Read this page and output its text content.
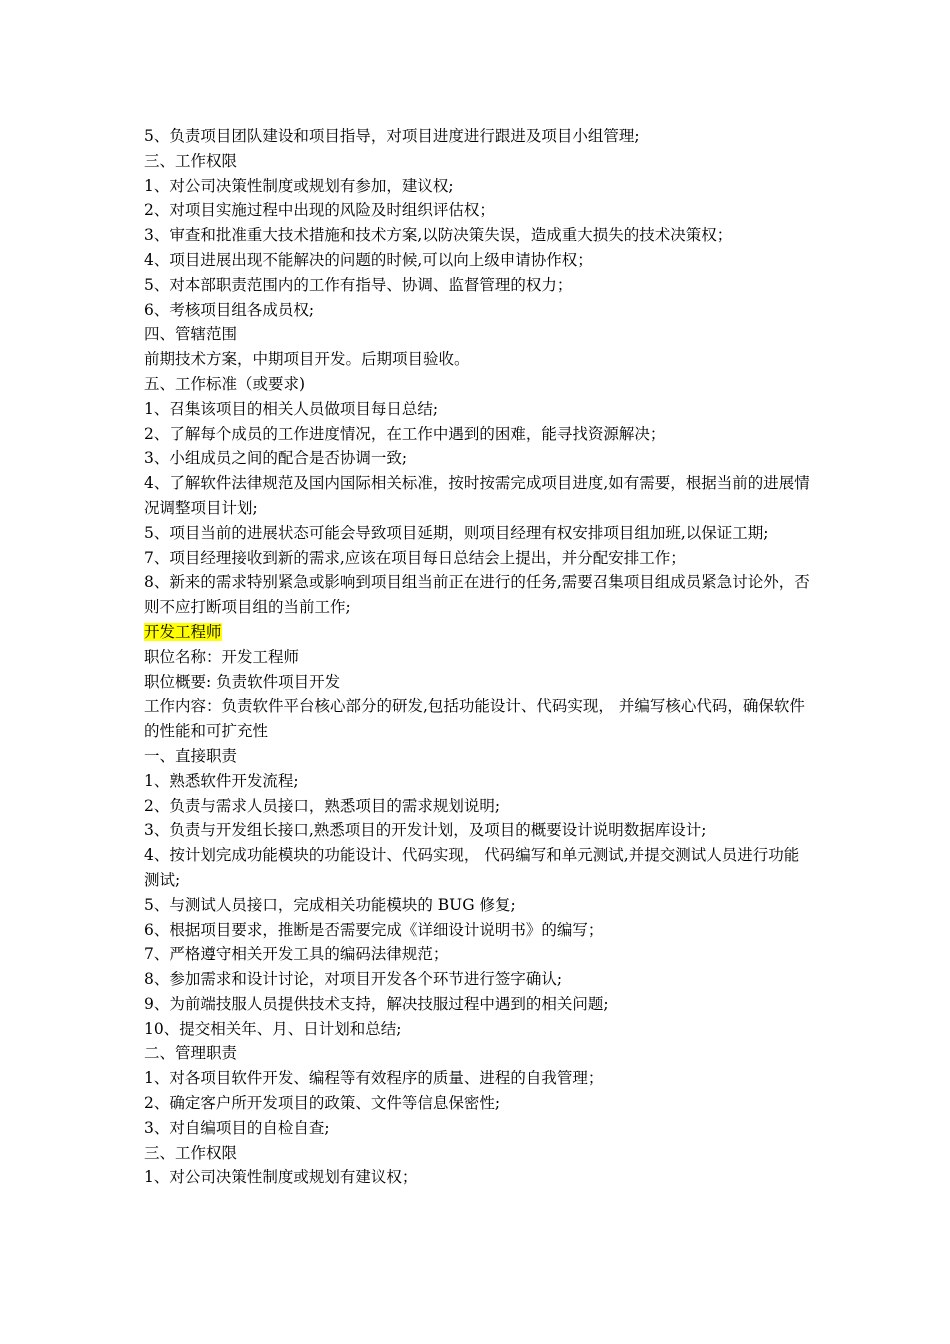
5、负责项目团队建设和项目指导，对项目进度进行跟进及项目小组管理;

三、工作权限

1、对公司决策性制度或规划有参加，建议权;

2、对项目实施过程中出现的风险及时组织评估权；

3、审查和批准重大技术措施和技术方案,以防决策失误，造成重大损失的技术决策权；

4、项目进展出现不能解决的问题的时候,可以向上级申请协作权；

5、对本部职责范围内的工作有指导、协调、监督管理的权力；

6、考核项目组各成员权;

四、管辖范围

前期技术方案，中期项目开发。后期项目验收。

五、工作标准（或要求)

1、召集该项目的相关人员做项目每日总结;

2、了解每个成员的工作进度情况，在工作中遇到的困难，能寻找资源解决；

3、小组成员之间的配合是否协调一致;

4、了解软件法律规范及国内国际相关标准，按时按需完成项目进度,如有需要，根据当前的进展情况调整项目计划;

5、项目当前的进展状态可能会导致项目延期，则项目经理有权安排项目组加班,以保证工期;

7、项目经理接收到新的需求,应该在项目每日总结会上提出，并分配安排工作；

8、新来的需求特别紧急或影响到项目组当前正在进行的任务,需要召集项目组成员紧急讨论外，否则不应打断项目组的当前工作;

开发工程师

职位名称：开发工程师

职位概要: 负责软件项目开发

工作内容：负责软件平台核心部分的研发,包括功能设计、代码实现， 并编写核心代码，确保软件的性能和可扩充性

一、直接职责

1、熟悉软件开发流程;

2、负责与需求人员接口，熟悉项目的需求规划说明;

3、负责与开发组长接口,熟悉项目的开发计划，及项目的概要设计说明数据库设计;

4、按计划完成功能模块的功能设计、代码实现， 代码编写和单元测试,并提交测试人员进行功能测试;

5、与测试人员接口，完成相关功能模块的 BUG 修复;

6、根据项目要求，推断是否需要完成《详细设计说明书》的编写；

7、严格遵守相关开发工具的编码法律规范；

8、参加需求和设计讨论，对项目开发各个环节进行签字确认;

9、为前端技服人员提供技术支持，解决技服过程中遇到的相关问题;

10、提交相关年、月、日计划和总结;

二、管理职责

1、对各项目软件开发、编程等有效程序的质量、进程的自我管理；

2、确定客户所开发项目的政策、文件等信息保密性;

3、对自编项目的自检自查;

三、工作权限

1、对公司决策性制度或规划有建议权；
